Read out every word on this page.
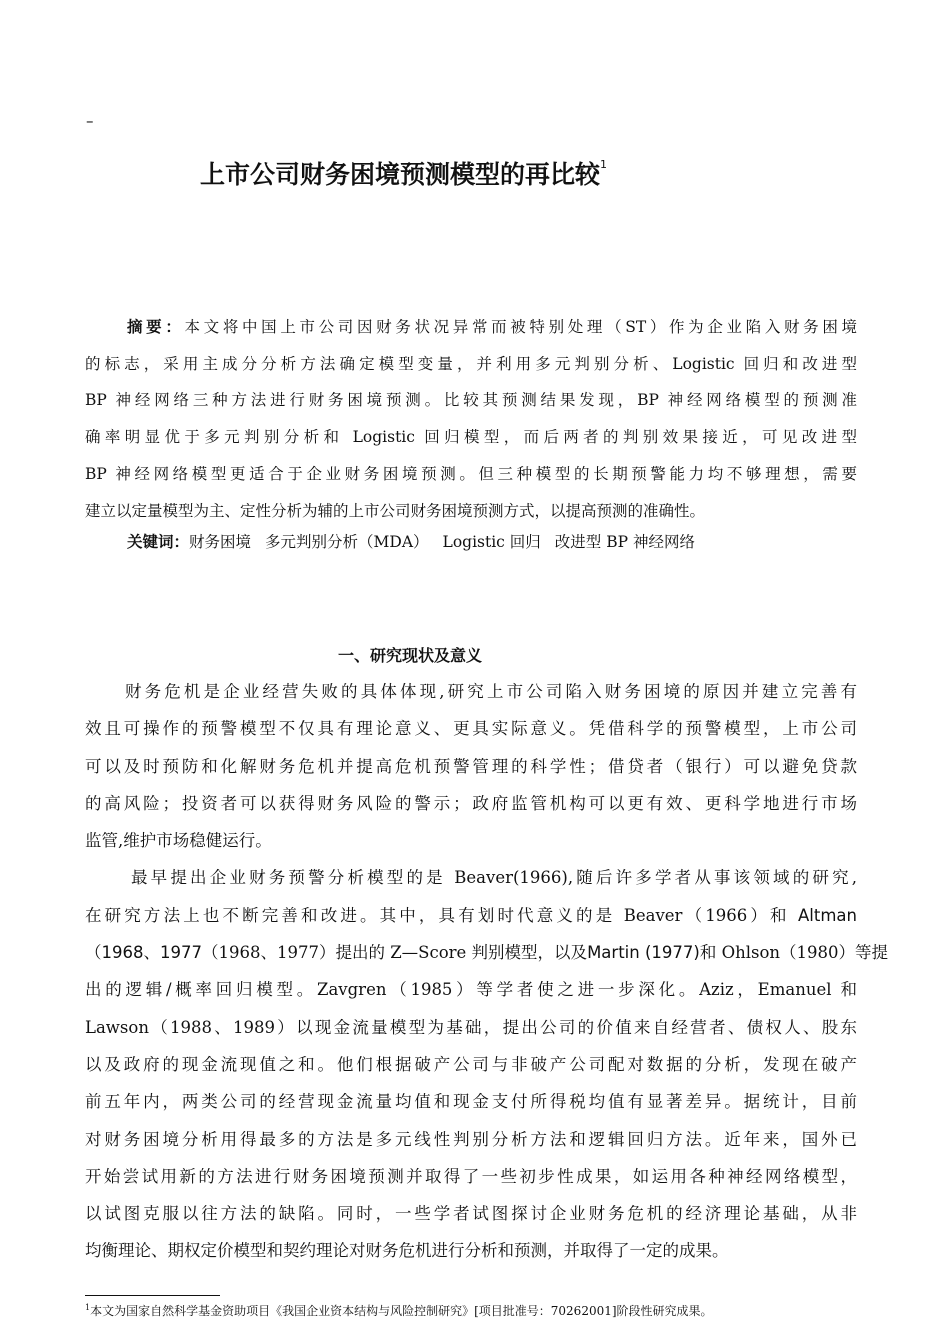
–
上市公司财务困境预测模型的再比较$^1$
摘要：本文将中国上市公司因财务状况异常而被特别处理（ST）作为企业陷入财务困境
的标志，采用主成分分析方法确定模型变量，并利用多元判别分析、Logistic 回归和改进型
BP 神经网络三种方法进行财务困境预测。比较其预测结果发现，BP 神经网络模型的预测准
确率明显优于多元判别分析和 Logistic 回归模型，而后两者的判别效果接近，可见改进型
BP 神经网络模型更适合于企业财务困境预测。但三种模型的长期预警能力均不够理想，需要
建立以定量模型为主、定性分析为辅的上市公司财务困境预测方式，以提高预测的准确性。
关键词：财务困境 多元判别分析（MDA） Logistic 回归 改进型 BP 神经网络
一、研究现状及意义
财务危机是企业经营失败的具体体现,研究上市公司陷入财务困境的原因并建立完善有
效且可操作的预警模型不仅具有理论意义、更具实际意义。凭借科学的预警模型，上市公司
可以及时预防和化解财务危机并提高危机预警管理的科学性；借贷者（银行）可以避免贷款
的高风险；投资者可以获得财务风险的警示；政府监管机构可以更有效、更科学地进行市场
监管,维护市场稳健运行。
最早提出企业财务预警分析模型的是 Beaver(1966),随后许多学者从事该领域的研究,
在研究方法上也不断完善和改进。其中，具有划时代意义的是 Beaver（1966）和 Altman
（1968、1977（1968、1977）提出的 Z—Score 判别模型，以及Martin (1977)和 Ohlson（1980）等提
出的逻辑/概率回归模型。Zavgren（1985）等学者使之进一步深化。Aziz，Emanuel 和
Lawson（1988、1989）以现金流量模型为基础，提出公司的价值来自经营者、债权人、股东
以及政府的现金流现值之和。他们根据破产公司与非破产公司配对数据的分析，发现在破产
前五年内，两类公司的经营现金流量均值和现金支付所得税均值有显著差异。据统计，目前
对财务困境分析用得最多的方法是多元线性判别分析方法和逻辑回归方法。近年来，国外已
开始尝试用新的方法进行财务困境预测并取得了一些初步性成果，如运用各种神经网络模型，
以试图克服以往方法的缺陷。同时，一些学者试图探讨企业财务危机的经济理论基础，从非
均衡理论、期权定价模型和契约理论对财务危机进行分析和预测，并取得了一定的成果。
$^1$本文为国家自然科学基金资助项目《我国企业资本结构与风险控制研究》[项目批准号：70262001]阶段性研究成果。
